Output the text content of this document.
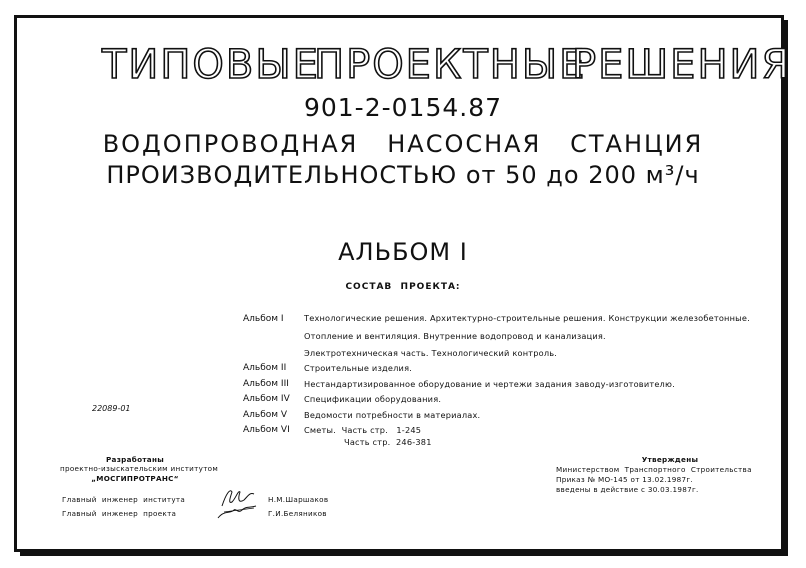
ТИПОВЫЕ
ПРОЕКТНЫЕ
РЕШЕНИЯ
901-2-0154.87
ВОДОПРОВОДНАЯ   НАСОСНАЯ   СТАНЦИЯ
ПРОИЗВОДИТЕЛЬНОСТЬЮ от 50 до 200 м³/ч
АЛЬБОМ I
СОСТАВ  ПРОЕКТА:
Альбом I Технологические решения. Архитектурно-строительные решения. Конструкции железобетонные.
Отопление и вентиляция. Внутренние водопровод и канализация.
Электротехническая часть. Технологический контроль.
Альбом II Строительные изделия.
Альбом III Нестандартизированное оборудование и чертежи задания заводу-изготовителю.
Альбом IV Спецификации оборудования.
Альбом V Ведомости потребности в материалах.
Альбом VI Сметы.  Часть стр.   1-245
Часть стр.  246-381
22089-01
Разработаны
проектно-изыскательским институтом
„МОСГИПРОТРАНС“
Главный  инженер  института	Н.М.Шаршаков
Главный  инженер  проекта	Г.И.Беляников
Утверждены
Министерством  Транспортного  Строительства
Приказ № МО-145 от 13.02.1987г.
введены в действие с 30.03.1987г.
